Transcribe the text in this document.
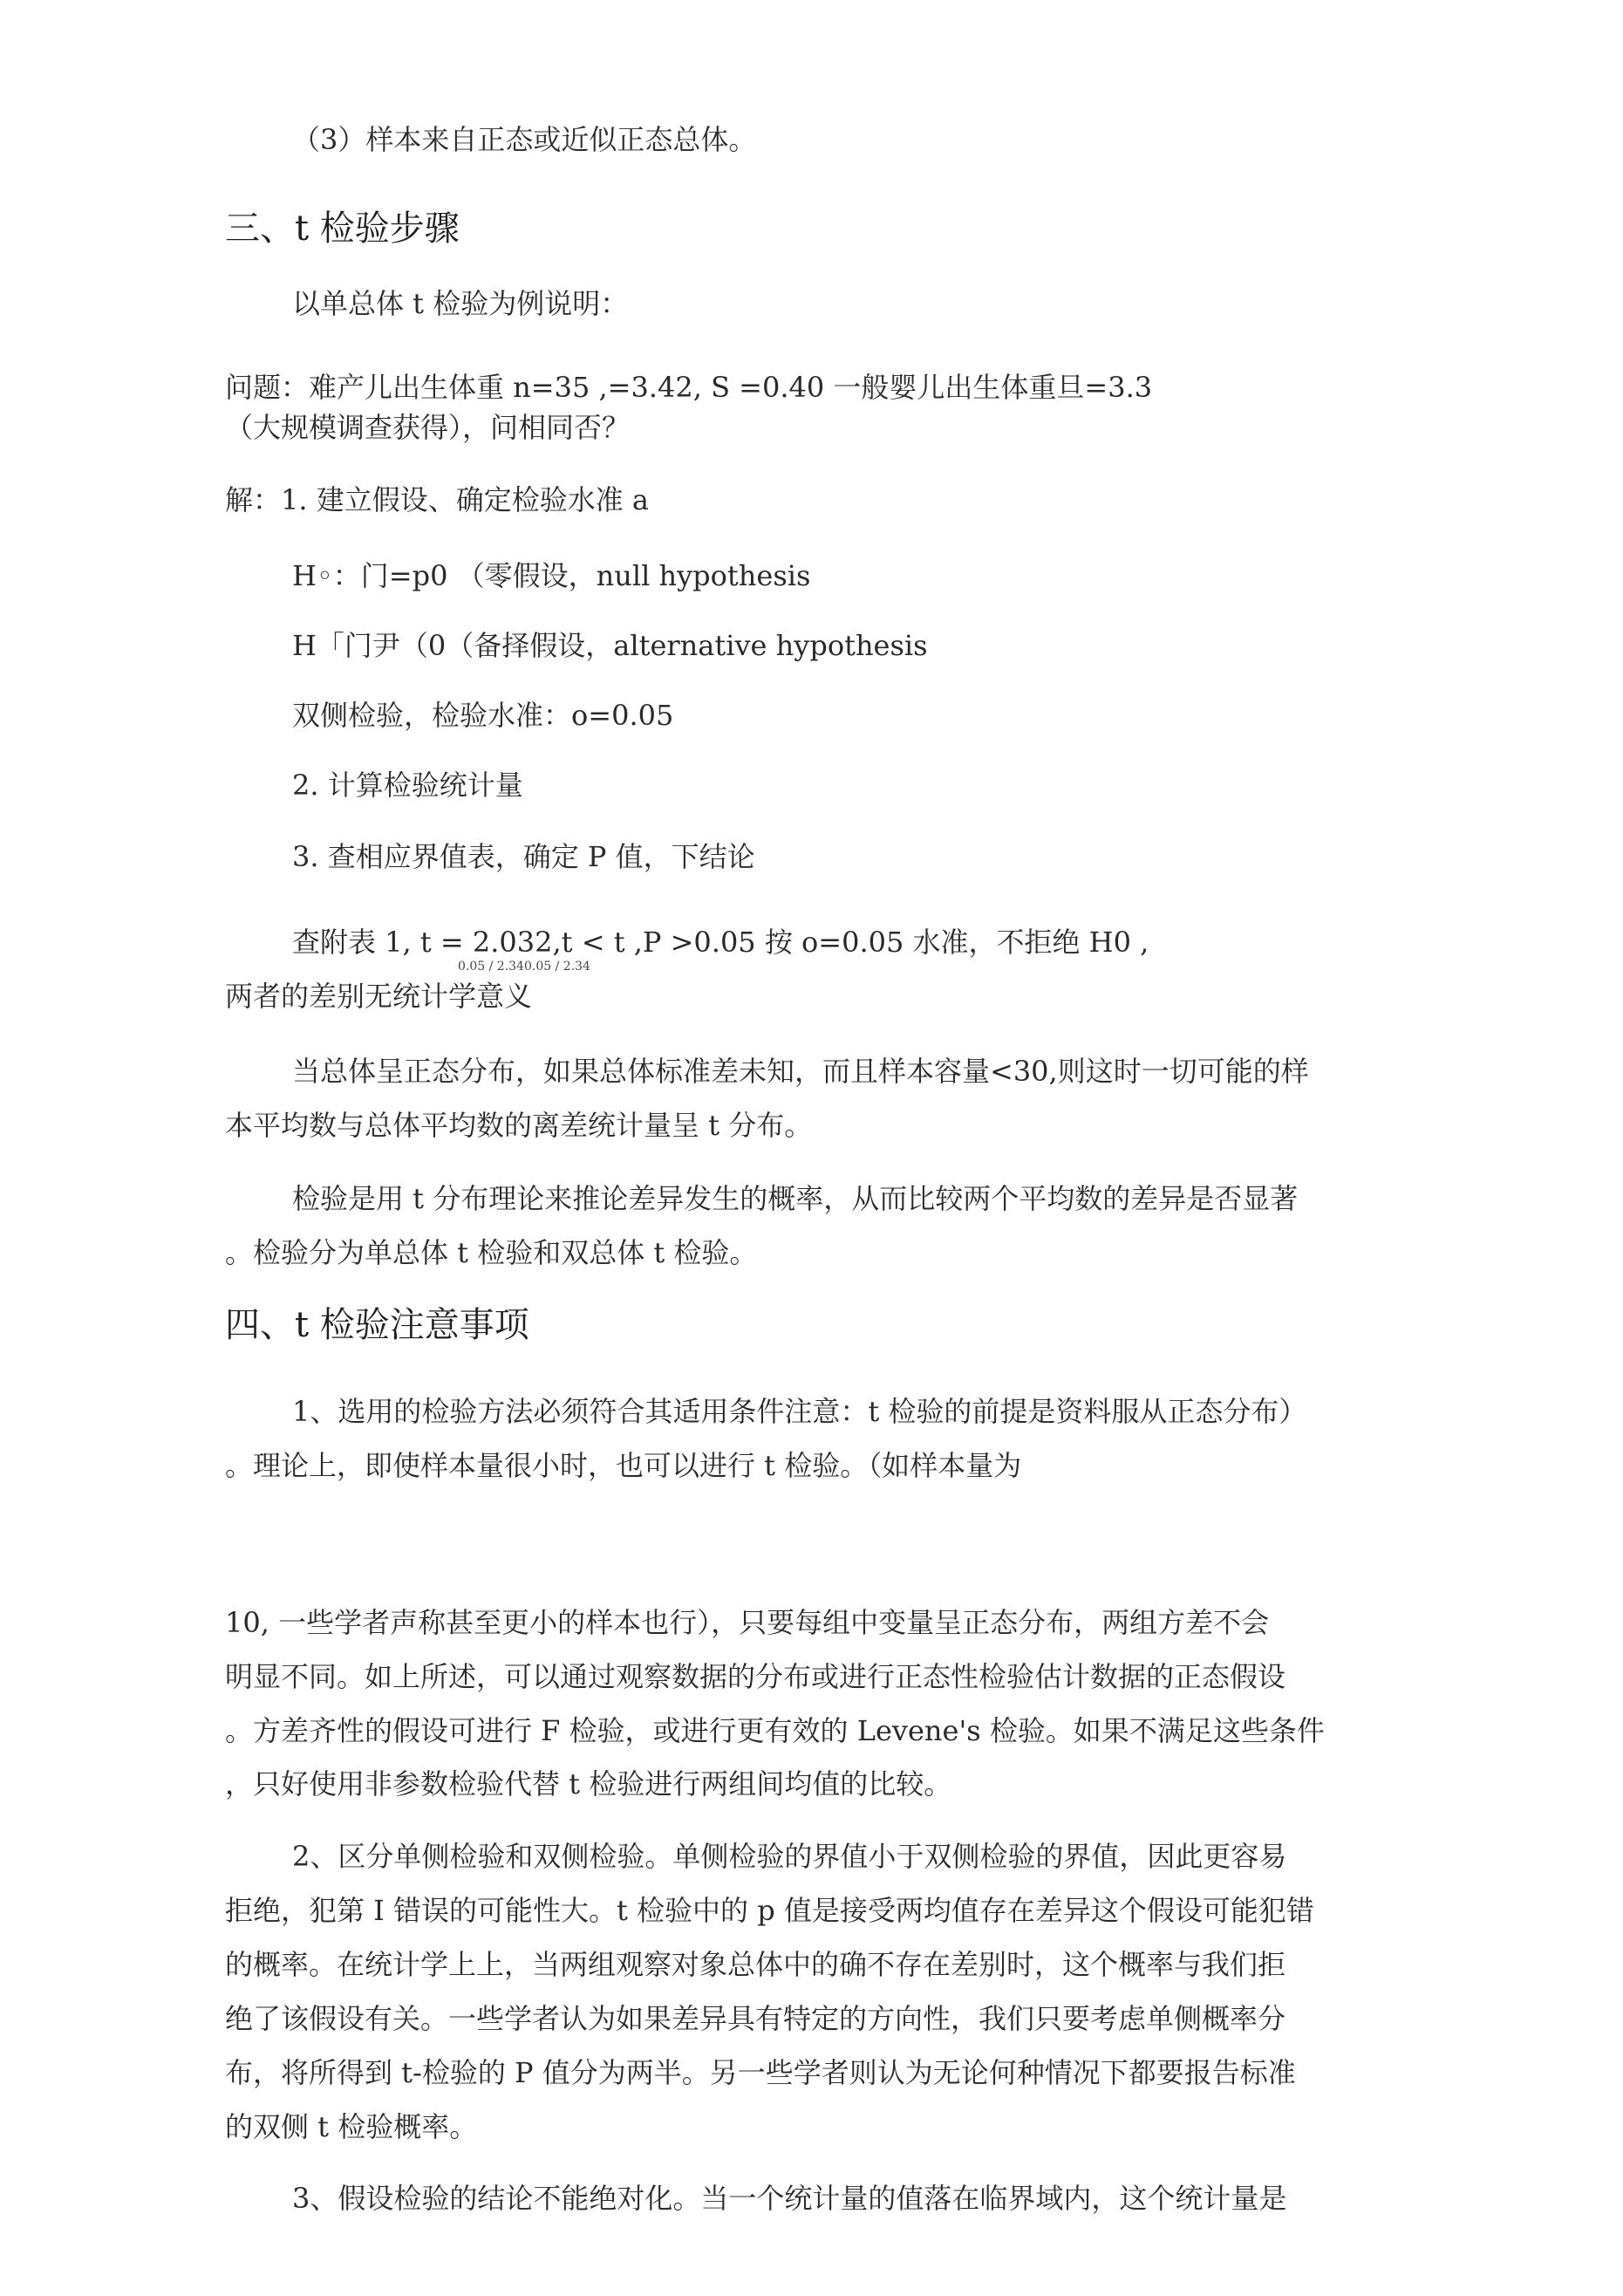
（3）样本来自正态或近似正态总体。
三、t 检验步骤
以单总体 t 检验为例说明：
问题：难产儿出生体重 n=35 ,=3.42, S =0.40 一般婴儿出生体重旦=3.3
（大规模调查获得），问相同否？
解：1. 建立假设、确定检验水准 a
H◦：门=p0 （零假设，null hypothesis
H「门尹（0（备择假设，alternative hypothesis
双侧检验，检验水准：o=0.05
2. 计算检验统计量
3. 查相应界值表，确定 P 值，下结论
查附表 1, t = 2.032,t < t ,P >0.05 按 o=0.05 水准，不拒绝 H0 ,
0.05 / 2.340.05 / 2.34
两者的差别无统计学意义
当总体呈正态分布，如果总体标准差未知，而且样本容量<30,则这时一切可能的样
本平均数与总体平均数的离差统计量呈 t 分布。
检验是用 t 分布理论来推论差异发生的概率，从而比较两个平均数的差异是否显著
。检验分为单总体 t 检验和双总体 t 检验。
四、t 检验注意事项
1、选用的检验方法必须符合其适用条件注意：t 检验的前提是资料服从正态分布）
。理论上，即使样本量很小时，也可以进行 t 检验。（如样本量为
10, 一些学者声称甚至更小的样本也行），只要每组中变量呈正态分布，两组方差不会
明显不同。如上所述，可以通过观察数据的分布或进行正态性检验估计数据的正态假设
。方差齐性的假设可进行 F 检验，或进行更有效的 Levene's 检验。如果不满足这些条件
，只好使用非参数检验代替 t 检验进行两组间均值的比较。
2、区分单侧检验和双侧检验。单侧检验的界值小于双侧检验的界值，因此更容易
拒绝，犯第 I 错误的可能性大。t 检验中的 p 值是接受两均值存在差异这个假设可能犯错
的概率。在统计学上上，当两组观察对象总体中的确不存在差别时，这个概率与我们拒
绝了该假设有关。一些学者认为如果差异具有特定的方向性，我们只要考虑单侧概率分
布，将所得到 t-检验的 P 值分为两半。另一些学者则认为无论何种情况下都要报告标准
的双侧 t 检验概率。
3、假设检验的结论不能绝对化。当一个统计量的值落在临界域内，这个统计量是
